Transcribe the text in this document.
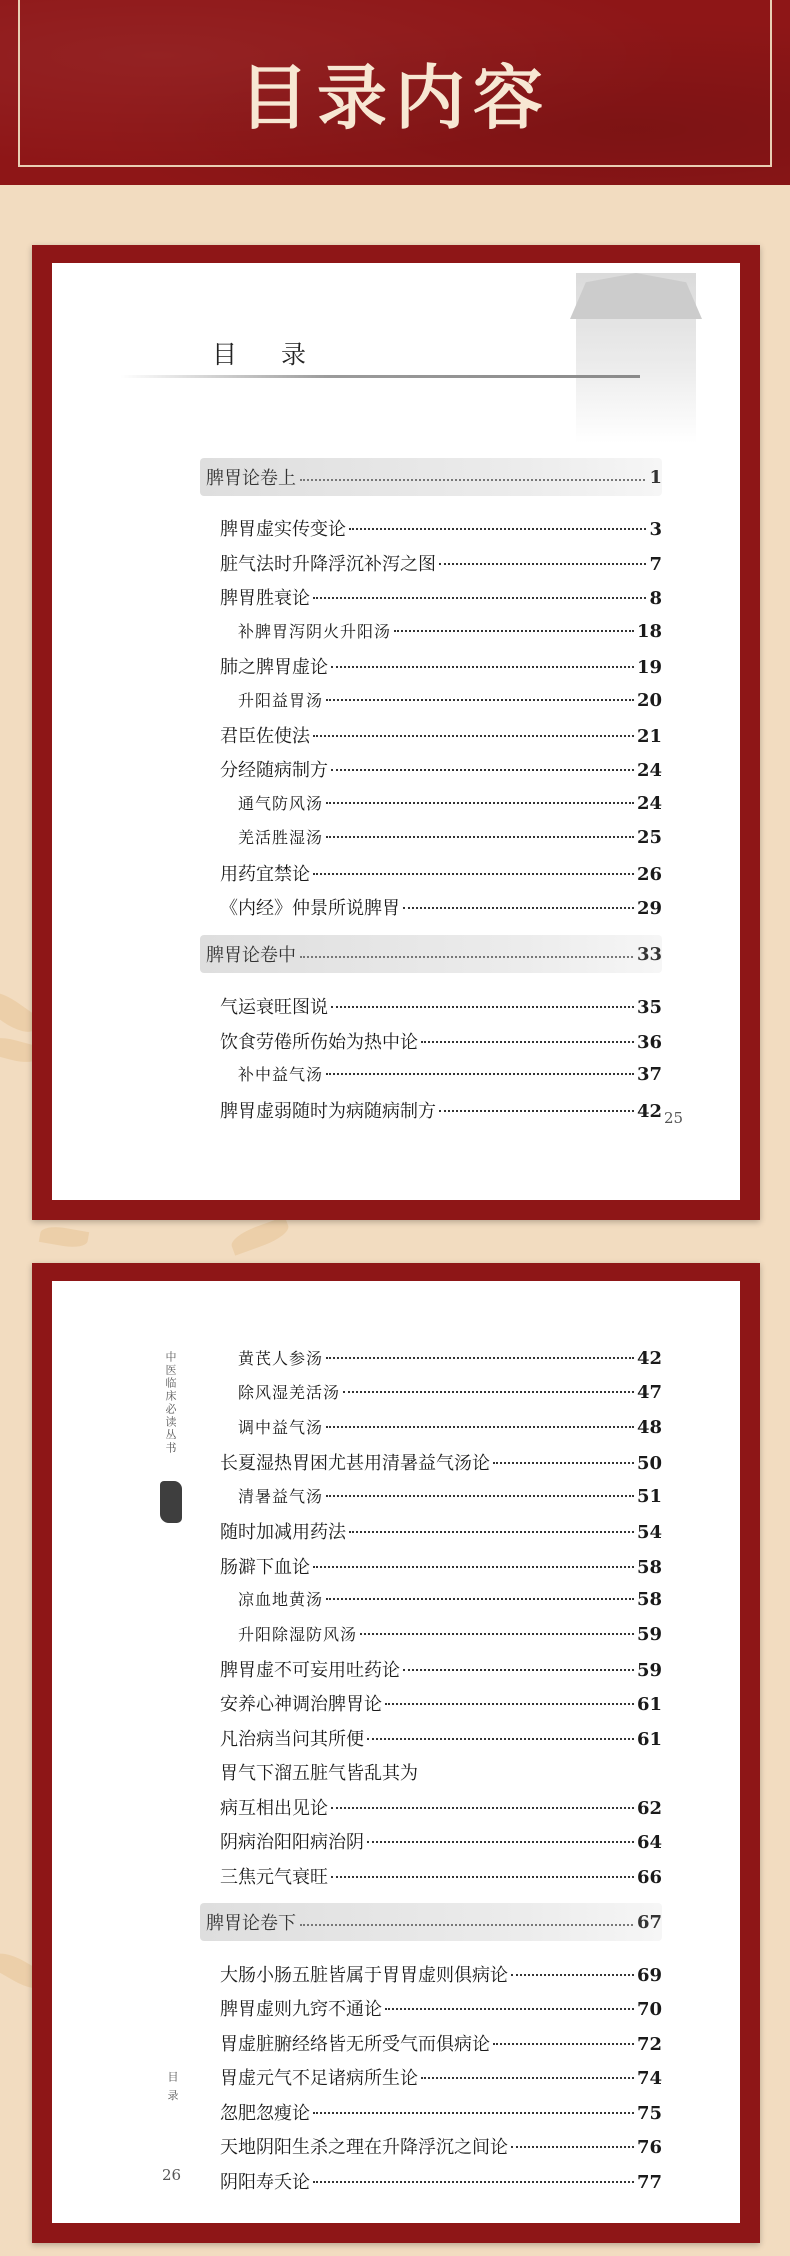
目录内容
目 录
脾胃论卷上	1
脾胃虚实传变论	3
脏气法时升降浮沉补泻之图	7
脾胃胜衰论	8
补脾胃泻阴火升阳汤	18
肺之脾胃虚论	19
升阳益胃汤	20
君臣佐使法	21
分经随病制方	24
通气防风汤	24
羌活胜湿汤	25
用药宜禁论	26
《内经》仲景所说脾胃	29
脾胃论卷中	33
气运衰旺图说	35
饮食劳倦所伤始为热中论	36
补中益气汤	37
脾胃虚弱随时为病随病制方	42 25
中医临床必读丛书	黄芪人参汤	42
除风湿羌活汤	47
调中益气汤	48
长夏湿热胃困尤甚用清暑益气汤论	50
清暑益气汤	51
随时加减用药法	54
肠澼下血论	58
凉血地黄汤	58
升阳除湿防风汤	59
脾胃虚不可妄用吐药论	59
安养心神调治脾胃论	61
凡治病当问其所便	61
胃气下溜五脏气皆乱其为
病互相出见论	62
阴病治阳阳病治阴	64
三焦元气衰旺	66
脾胃论卷下	67
大肠小肠五脏皆属于胃胃虚则俱病论	69
脾胃虚则九窍不通论	70
胃虚脏腑经络皆无所受气而俱病论	72
胃虚元气不足诸病所生论	74
忽肥忽瘦论	75
天地阴阳生杀之理在升降浮沉之间论	76
阴阳寿夭论	77
目 录
26
